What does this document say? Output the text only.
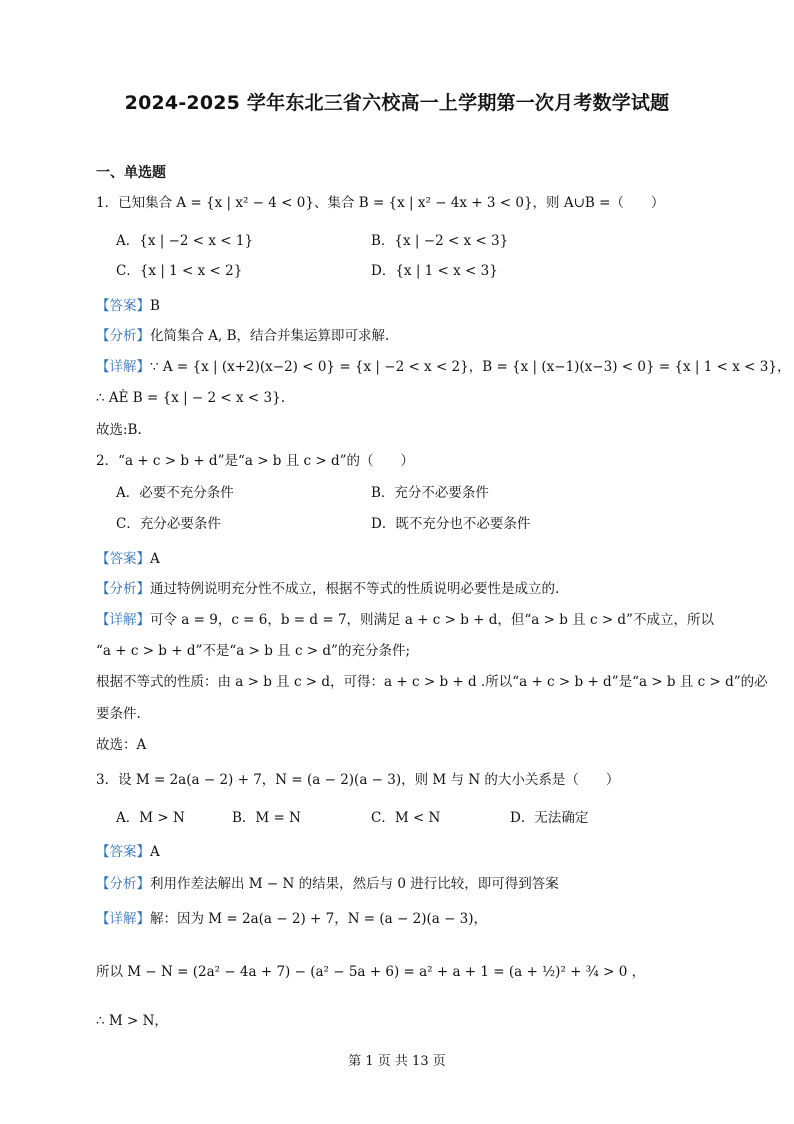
2024-2025 学年东北三省六校高一上学期第一次月考数学试题
一、单选题
1．已知集合 A = {x | x² − 4 < 0}、集合 B = {x | x² − 4x + 3 < 0}，则 A∪B =（　　）
A．{x | −2 < x < 1}	B．{x | −2 < x < 3}
C．{x | 1 < x < 2}	D．{x | 1 < x < 3}
【答案】B
【分析】化简集合 A, B，结合并集运算即可求解.
【详解】∵ A = {x | (x+2)(x−2) < 0} = {x | −2 < x < 2}，B = {x | (x−1)(x−3) < 0} = {x | 1 < x < 3}，
∴ AÈ B = {x | − 2 < x < 3}.
故选:B.
2．“a + c > b + d”是“a > b 且 c > d”的（　　）
A．必要不充分条件	B．充分不必要条件
C．充分必要条件	D．既不充分也不必要条件
【答案】A
【分析】通过特例说明充分性不成立，根据不等式的性质说明必要性是成立的.
【详解】可令 a = 9，c = 6，b = d = 7，则满足 a + c > b + d，但“a > b 且 c > d”不成立，所以
“a + c > b + d”不是“a > b 且 c > d”的充分条件;
根据不等式的性质：由 a > b 且 c > d，可得：a + c > b + d .所以“a + c > b + d”是“a > b 且 c > d”的必
要条件.
故选：A
3．设 M = 2a(a − 2) + 7，N = (a − 2)(a − 3)，则 M 与 N 的大小关系是（　　）
A．M > N	B．M = N	C．M < N	D．无法确定
【答案】A
【分析】利用作差法解出 M − N 的结果，然后与 0 进行比较，即可得到答案
【详解】解：因为 M = 2a(a − 2) + 7，N = (a − 2)(a − 3)，
所以 M − N = (2a² − 4a + 7) − (a² − 5a + 6) = a² + a + 1 = (a + ½)² + ¾ > 0 ，
∴ M > N，
第 1 页 共 13 页
